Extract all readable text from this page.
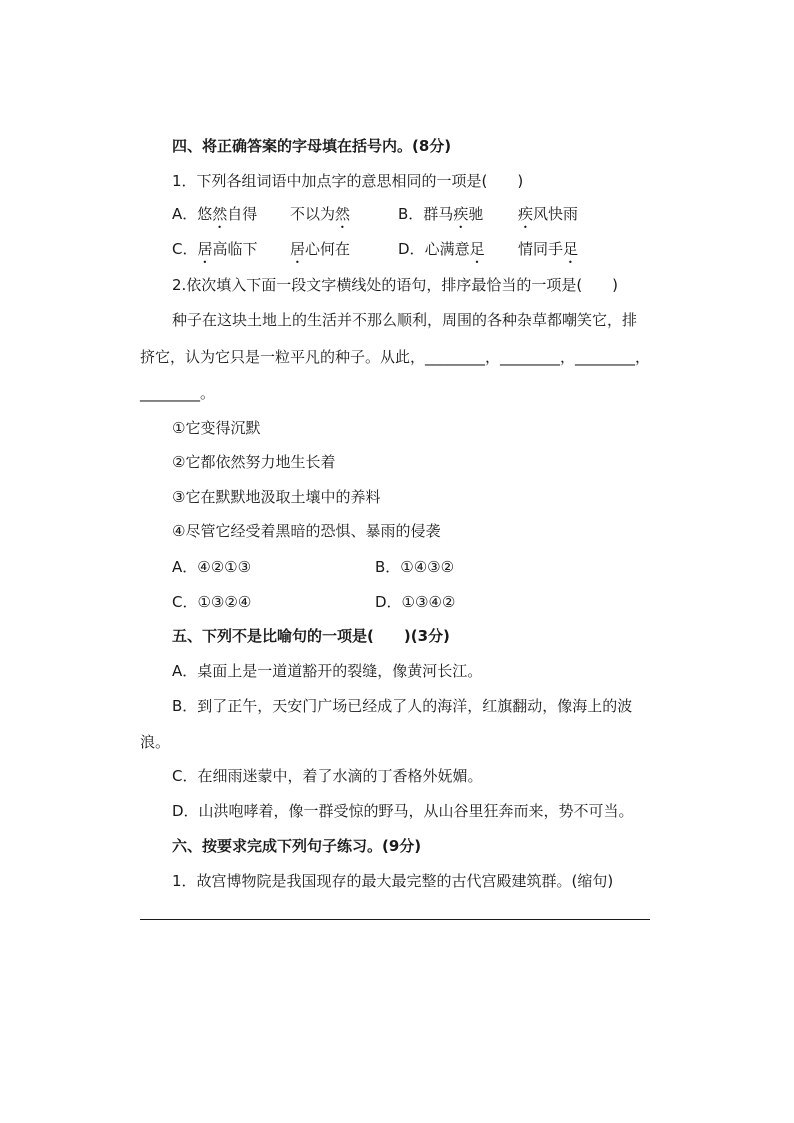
四、将正确答案的字母填在括号内。(8分)
1．下列各组词语中加点字的意思相同的一项是(　　)
A．悠然自得 不以为然	B．群马疾驰 疾风快雨
C．居高临下 居心何在	D．心满意足 情同手足
2.依次填入下面一段文字横线处的语句，排序最恰当的一项是(　　)
种子在这块土地上的生活并不那么顺利，周围的各种杂草都嘲笑它，排
挤它，认为它只是一粒平凡的种子。从此，________，________，________，
________。
①它变得沉默
②它都依然努力地生长着
③它在默默地汲取土壤中的养料
④尽管它经受着黑暗的恐惧、暴雨的侵袭
A．④②①③	B．①④③②
C．①③②④	D．①③④②
五、下列不是比喻句的一项是(　　)(3分)
A．桌面上是一道道豁开的裂缝，像黄河长江。
B．到了正午，天安门广场已经成了人的海洋，红旗翻动，像海上的波
浪。
C．在细雨迷蒙中，着了水滴的丁香格外妩媚。
D．山洪咆哮着，像一群受惊的野马，从山谷里狂奔而来，势不可当。
六、按要求完成下列句子练习。(9分)
1．故宫博物院是我国现存的最大最完整的古代宫殿建筑群。(缩句)
